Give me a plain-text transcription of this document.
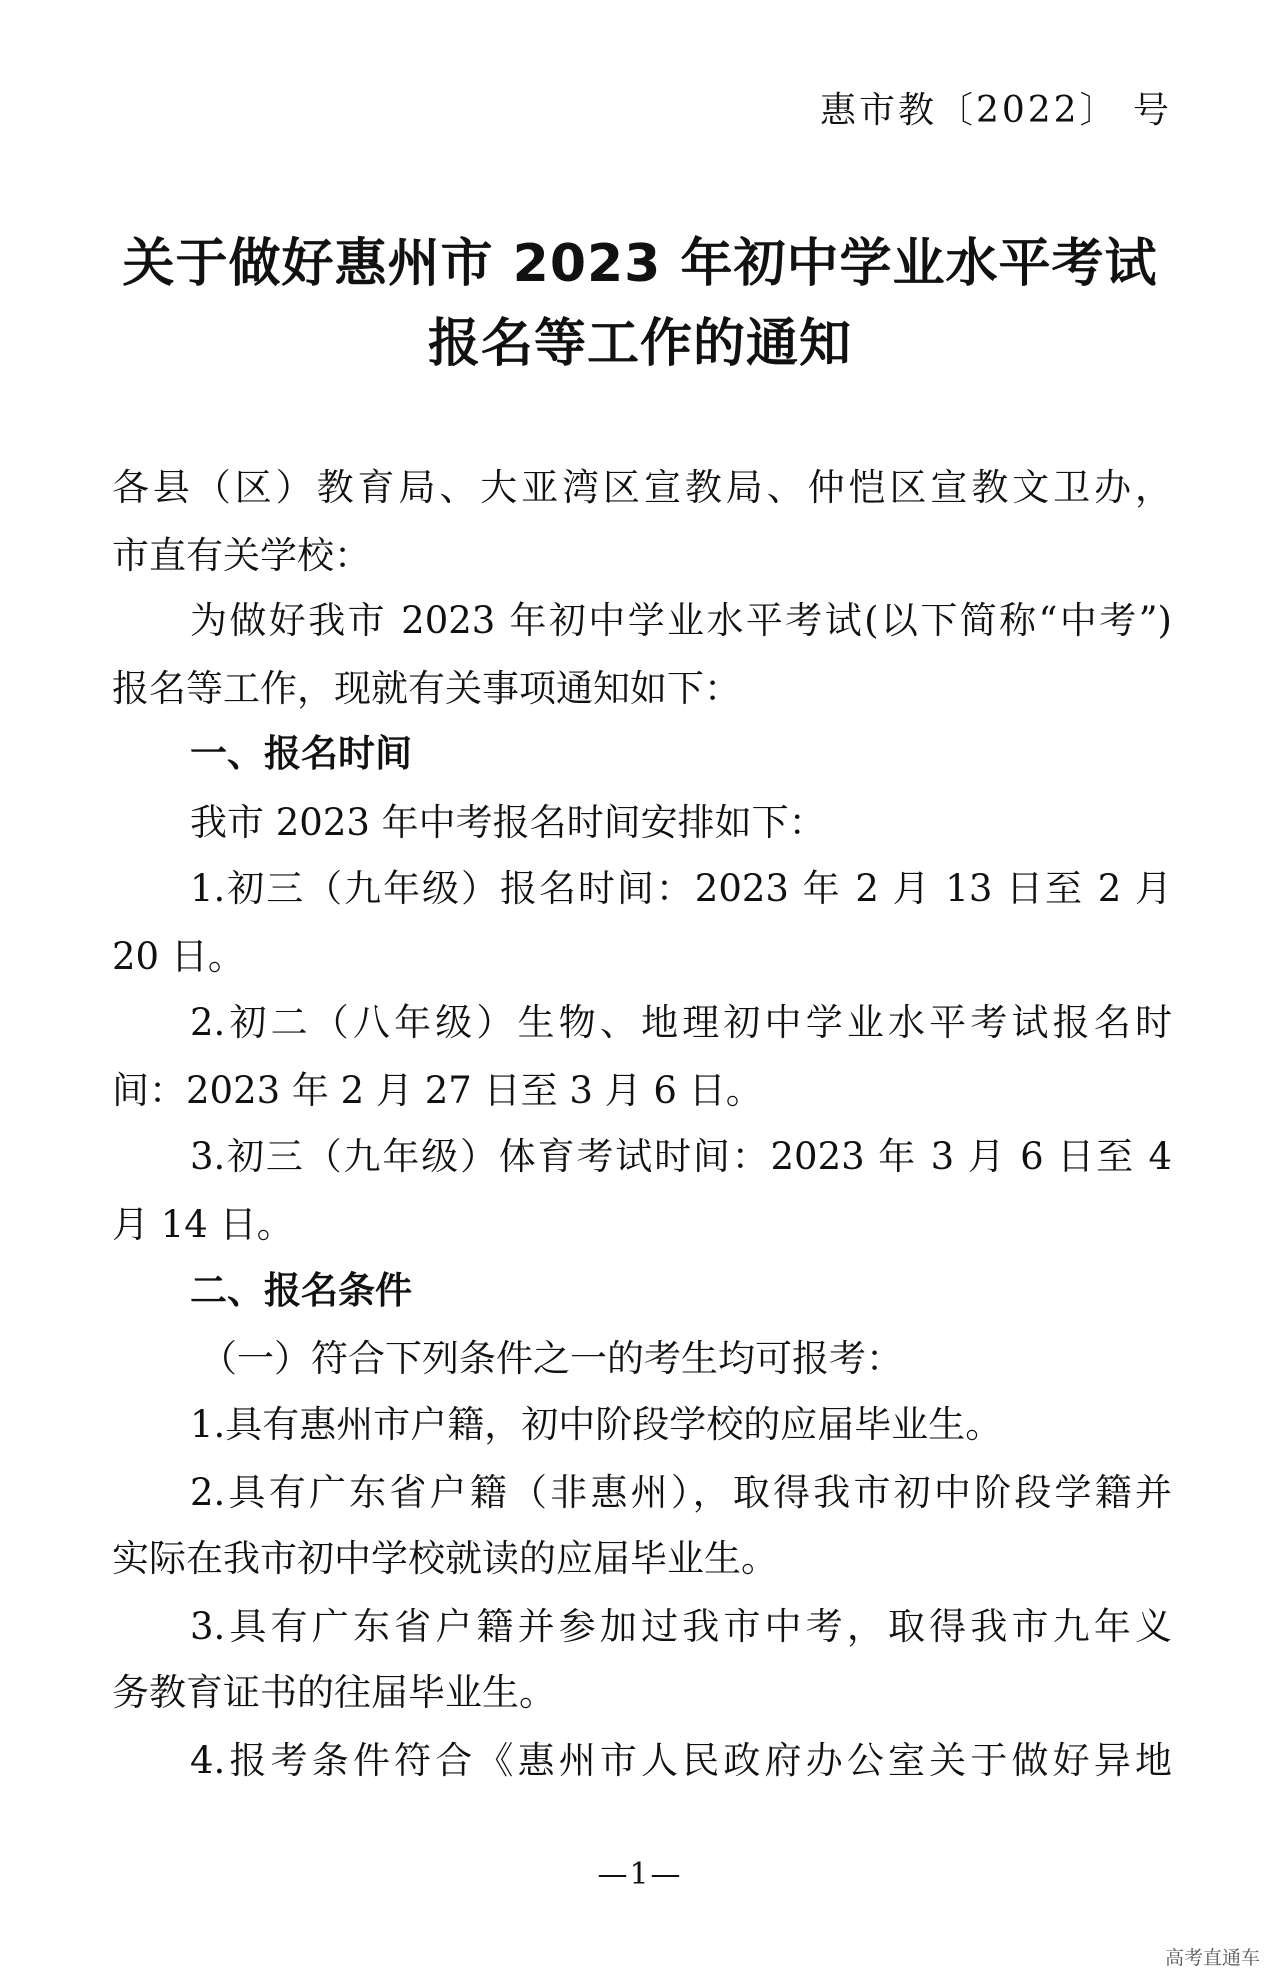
惠市教〔2022〕 号
关于做好惠州市 2023 年初中学业水平考试
报名等工作的通知
各县（区）教育局、大亚湾区宣教局、仲恺区宣教文卫办，
市直有关学校：
为做好我市 2023 年初中学业水平考试(以下简称“中考”)
报名等工作，现就有关事项通知如下：
一、报名时间
我市 2023 年中考报名时间安排如下：
1.初三（九年级）报名时间：2023 年 2 月 13 日至 2 月
20 日。
2.初二（八年级）生物、地理初中学业水平考试报名时
间：2023 年 2 月 27 日至 3 月 6 日。
3.初三（九年级）体育考试时间：2023 年 3 月 6 日至 4
月 14 日。
二、报名条件
（一）符合下列条件之一的考生均可报考：
1.具有惠州市户籍，初中阶段学校的应届毕业生。
2.具有广东省户籍（非惠州），取得我市初中阶段学籍并
实际在我市初中学校就读的应届毕业生。
3.具有广东省户籍并参加过我市中考，取得我市九年义
务教育证书的往届毕业生。
4.报考条件符合《惠州市人民政府办公室关于做好异地
—1—
高考直通车
